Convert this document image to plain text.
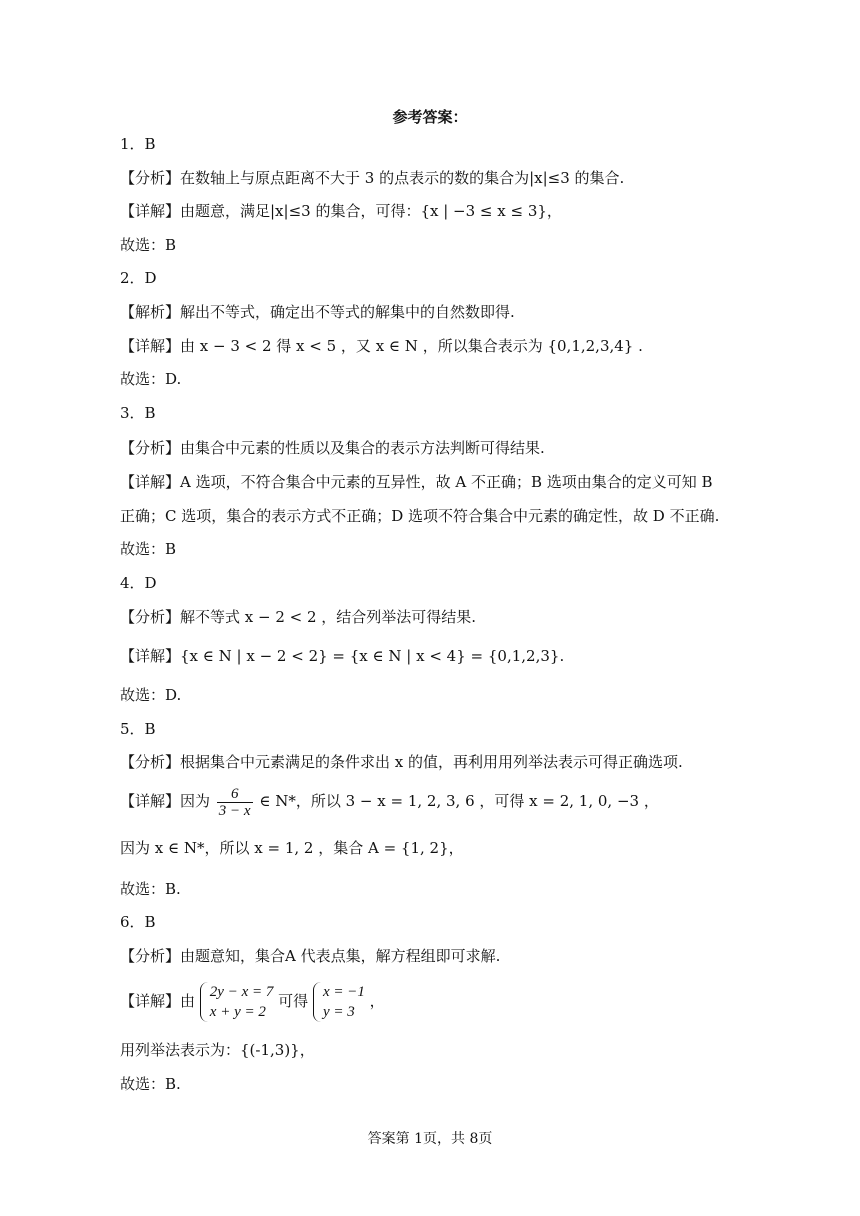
参考答案：
1．B
【分析】在数轴上与原点距离不大于 3 的点表示的数的集合为|x|≤3 的集合.
【详解】由题意，满足|x|≤3 的集合，可得：{x | −3 ≤ x ≤ 3}，
故选：B
2．D
【解析】解出不等式，确定出不等式的解集中的自然数即得.
【详解】由 x − 3 < 2 得 x < 5 ，又 x ∈ N ，所以集合表示为 {0,1,2,3,4} .
故选：D.
3．B
【分析】由集合中元素的性质以及集合的表示方法判断可得结果.
【详解】A 选项，不符合集合中元素的互异性，故 A 不正确；B 选项由集合的定义可知 B
正确；C 选项，集合的表示方式不正确；D 选项不符合集合中元素的确定性，故 D 不正确.
故选：B
4．D
【分析】解不等式 x − 2 < 2 ，结合列举法可得结果.
【详解】{x ∈ N | x − 2 < 2} = {x ∈ N | x < 4} = {0,1,2,3}.
故选：D.
5．B
【分析】根据集合中元素满足的条件求出 x 的值，再利用用列举法表示可得正确选项.
【详解】因为 $\frac{6}{3 - x}$ ∈ N*，所以 3 − x = 1, 2, 3, 6 ，可得 x = 2, 1, 0, −3 ，
因为 x ∈ N*，所以 x = 1, 2 ，集合 A = {1, 2}，
故选：B.
6．B
【分析】由题意知，集合A 代表点集，解方程组即可求解.
【详解】由 2y − x = 7
x + y = 2
可得 x = −1
y = 3
，
用列举法表示为：{(-1,3)}，
故选：B.
答案第 1页，共 8页
